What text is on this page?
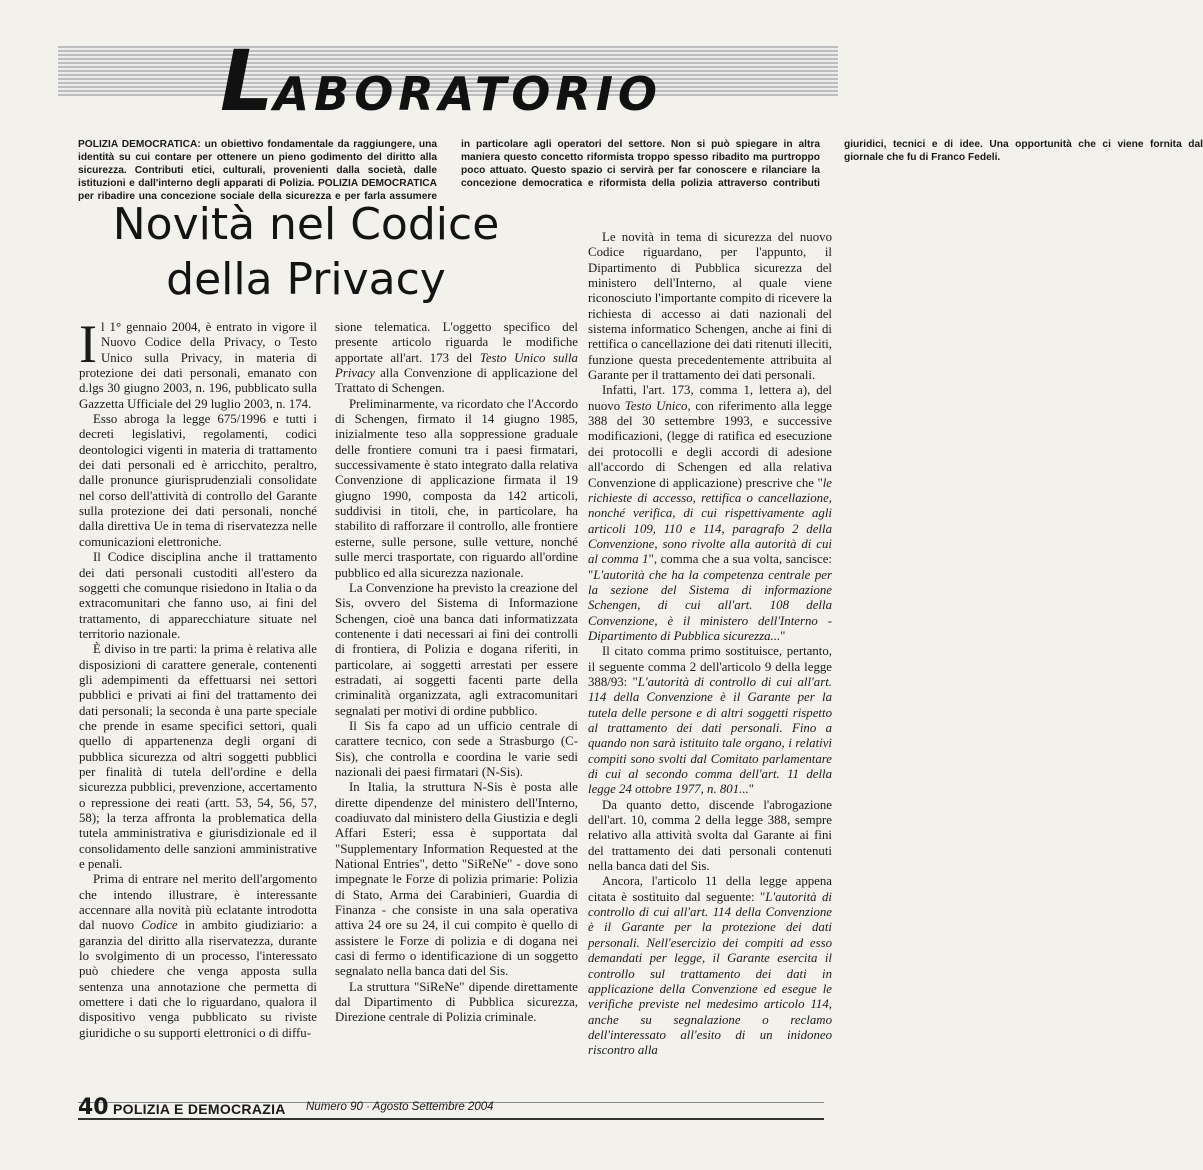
LABORATORIO
POLIZIA DEMOCRATICA: un obiettivo fondamentale da raggiungere, una identità su cui contare per ottenere un pieno godimento del diritto alla sicurezza. Contributi etici, culturali, provenienti dalla società, dalle istituzioni e dall'interno degli apparati di Polizia. POLIZIA DEMOCRATICA per ribadire una concezione sociale della sicurezza e per farla assumere in particolare agli operatori del settore. Non si può spiegare in altra maniera questo concetto riformista troppo spesso ribadito ma purtroppo poco attuato. Questo spazio ci servirà per far conoscere e rilanciare la concezione democratica e riformista della polizia attraverso contributi giuridici, tecnici e di idee. Una opportunità che ci viene fornita dal giornale che fu di Franco Fedeli.
Novità nel Codice
della Privacy

Il 1° gennaio 2004, è entrato in vigore il Nuovo Codice della Privacy, o Testo Unico sulla Privacy, in materia di protezione dei dati personali, emanato con d.lgs 30 giugno 2003, n. 196, pubblicato sulla Gazzetta Ufficiale del 29 luglio 2003, n. 174.

Esso abroga la legge 675/1996 e tutti i decreti legislativi, regolamenti, codici deontologici vigenti in materia di trattamento dei dati personali ed è arricchito, peraltro, dalle pronunce giurisprudenziali consolidate nel corso dell'attività di controllo del Garante sulla protezione dei dati personali, nonché dalla direttiva Ue in tema di riservatezza nelle comunicazioni elettroniche.

Il Codice disciplina anche il trattamento dei dati personali custoditi all'estero da soggetti che comunque risiedono in Italia o da extracomunitari che fanno uso, ai fini del trattamento, di apparecchiature situate nel territorio nazionale.

È diviso in tre parti: la prima è relativa alle disposizioni di carattere generale, contenenti gli adempimenti da effettuarsi nei settori pubblici e privati ai fini del trattamento dei dati personali; la seconda è una parte speciale che prende in esame specifici settori, quali quello di appartenenza degli organi di pubblica sicurezza od altri soggetti pubblici per finalità di tutela dell'ordine e della sicurezza pubblici, prevenzione, accertamento o repressione dei reati (artt. 53, 54, 56, 57, 58); la terza affronta la problematica della tutela amministrativa e giurisdizionale ed il consolidamento delle sanzioni amministrative e penali.

Prima di entrare nel merito dell'argomento che intendo illustrare, è interessante accennare alla novità più eclatante introdotta dal nuovo Codice in ambito giudiziario: a garanzia del diritto alla riservatezza, durante lo svolgimento di un processo, l'interessato può chiedere che venga apposta sulla sentenza una annotazione che permetta di omettere i dati che lo riguardano, qualora il dispositivo venga pubblicato su riviste giuridiche o su supporti elettronici o di diffu-

sione telematica. L'oggetto specifico del presente articolo riguarda le modifiche apportate all'art. 173 del Testo Unico sulla Privacy alla Convenzione di applicazione del Trattato di Schengen.

Preliminarmente, va ricordato che l'Accordo di Schengen, firmato il 14 giugno 1985, inizialmente teso alla soppressione graduale delle frontiere comuni tra i paesi firmatari, successivamente è stato integrato dalla relativa Convenzione di applicazione firmata il 19 giugno 1990, composta da 142 articoli, suddivisi in titoli, che, in particolare, ha stabilito di rafforzare il controllo, alle frontiere esterne, sulle persone, sulle vetture, nonché sulle merci trasportate, con riguardo all'ordine pubblico ed alla sicurezza nazionale.

La Convenzione ha previsto la creazione del Sis, ovvero del Sistema di Informazione Schengen, cioè una banca dati informatizzata contenente i dati necessari ai fini dei controlli di frontiera, di Polizia e dogana riferiti, in particolare, ai soggetti arrestati per essere estradati, ai soggetti facenti parte della criminalità organizzata, agli extracomunitari segnalati per motivi di ordine pubblico.

Il Sis fa capo ad un ufficio centrale di carattere tecnico, con sede a Strasburgo (C-Sis), che controlla e coordina le varie sedi nazionali dei paesi firmatari (N-Sis).

In Italia, la struttura N-Sis è posta alle dirette dipendenze del ministero dell'Interno, coadiuvato dal ministero della Giustizia e degli Affari Esteri; essa è supportata dal "Supplementary Information Requested at the National Entries", detto "SiReNe" - dove sono impegnate le Forze di polizia primarie: Polizia di Stato, Arma dei Carabinieri, Guardia di Finanza - che consiste in una sala operativa attiva 24 ore su 24, il cui compito è quello di assistere le Forze di polizia e di dogana nei casi di fermo o identificazione di un soggetto segnalato nella banca dati del Sis.

La struttura "SiReNe" dipende direttamente dal Dipartimento di Pubblica sicurezza, Direzione centrale di Polizia criminale.

Le novità in tema di sicurezza del nuovo Codice riguardano, per l'appunto, il Dipartimento di Pubblica sicurezza del ministero dell'Interno, al quale viene riconosciuto l'importante compito di ricevere la richiesta di accesso ai dati nazionali del sistema informatico Schengen, anche ai fini di rettifica o cancellazione dei dati ritenuti illeciti, funzione questa precedentemente attribuita al Garante per il trattamento dei dati personali.

Infatti, l'art. 173, comma 1, lettera a), del nuovo Testo Unico, con riferimento alla legge 388 del 30 settembre 1993, e successive modificazioni, (legge di ratifica ed esecuzione dei protocolli e degli accordi di adesione all'accordo di Schengen ed alla relativa Convenzione di applicazione) prescrive che "le richieste di accesso, rettifica o cancellazione, nonché verifica, di cui rispettivamente agli articoli 109, 110 e 114, paragrafo 2 della Convenzione, sono rivolte alla autorità di cui al comma 1", comma che a sua volta, sancisce: "L'autorità che ha la competenza centrale per la sezione del Sistema di informazione Schengen, di cui all'art. 108 della Convenzione, è il ministero dell'Interno - Dipartimento di Pubblica sicurezza..."

Il citato comma primo sostituisce, pertanto, il seguente comma 2 dell'articolo 9 della legge 388/93: "L'autorità di controllo di cui all'art. 114 della Convenzione è il Garante per la tutela delle persone e di altri soggetti rispetto al trattamento dei dati personali. Fino a quando non sarà istituito tale organo, i relativi compiti sono svolti dal Comitato parlamentare di cui al secondo comma dell'art. 11 della legge 24 ottobre 1977, n. 801..."

Da quanto detto, discende l'abrogazione dell'art. 10, comma 2 della legge 388, sempre relativo alla attività svolta dal Garante ai fini del trattamento dei dati personali contenuti nella banca dati del Sis.

Ancora, l'articolo 11 della legge appena citata è sostituito dal seguente: "L'autorità di controllo di cui all'art. 114 della Convenzione è il Garante per la protezione dei dati personali. Nell'esercizio dei compiti ad esso demandati per legge, il Garante esercita il controllo sul trattamento dei dati in applicazione della Convenzione ed esegue le verifiche previste nel medesimo articolo 114, anche su segnalazione o reclamo dell'interessato all'esito di un inidoneo riscontro alla

40 POLIZIA E DEMOCRAZIA Numero 90 · Agosto Settembre 2004
